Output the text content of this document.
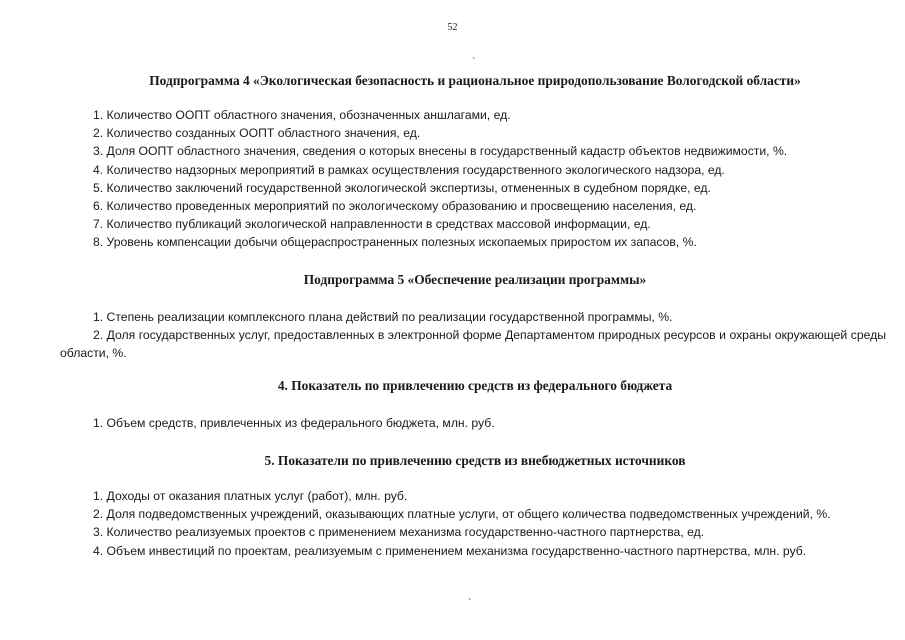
52
`
Подпрограмма 4 «Экологическая безопасность и рациональное природопользование Вологодской области»
1. Количество ООПТ областного значения, обозначенных аншлагами, ед.
2. Количество созданных ООПТ областного значения, ед.
3. Доля ООПТ областного значения, сведения о которых внесены в государственный кадастр объектов недвижимости, %.
4. Количество надзорных мероприятий в рамках осуществления государственного экологического надзора, ед.
5. Количество заключений государственной экологической экспертизы, отмененных в судебном порядке, ед.
6. Количество проведенных мероприятий по экологическому образованию и просвещению населения, ед.
7. Количество публикаций экологической направленности в средствах массовой информации, ед.
8. Уровень компенсации добычи общераспространенных полезных ископаемых приростом их запасов, %.
Подпрограмма 5 «Обеспечение реализации программы»
1. Степень реализации комплексного плана действий по реализации государственной программы, %.
2. Доля государственных услуг, предоставленных в электронной форме Департаментом природных ресурсов и охраны окружающей среды области, %.
4. Показатель по привлечению средств из федерального бюджета
1. Объем средств, привлеченных из федерального бюджета, млн. руб.
5. Показатели по привлечению средств из внебюджетных источников
1. Доходы от оказания платных услуг (работ), млн. руб.
2. Доля подведомственных учреждений, оказывающих платные услуги, от общего количества подведомственных учреждений, %.
3. Количество реализуемых проектов с применением механизма государственно-частного партнерства, ед.
4. Объем инвестиций по проектам, реализуемым с применением механизма государственно-частного партнерства, млн. руб.
`
